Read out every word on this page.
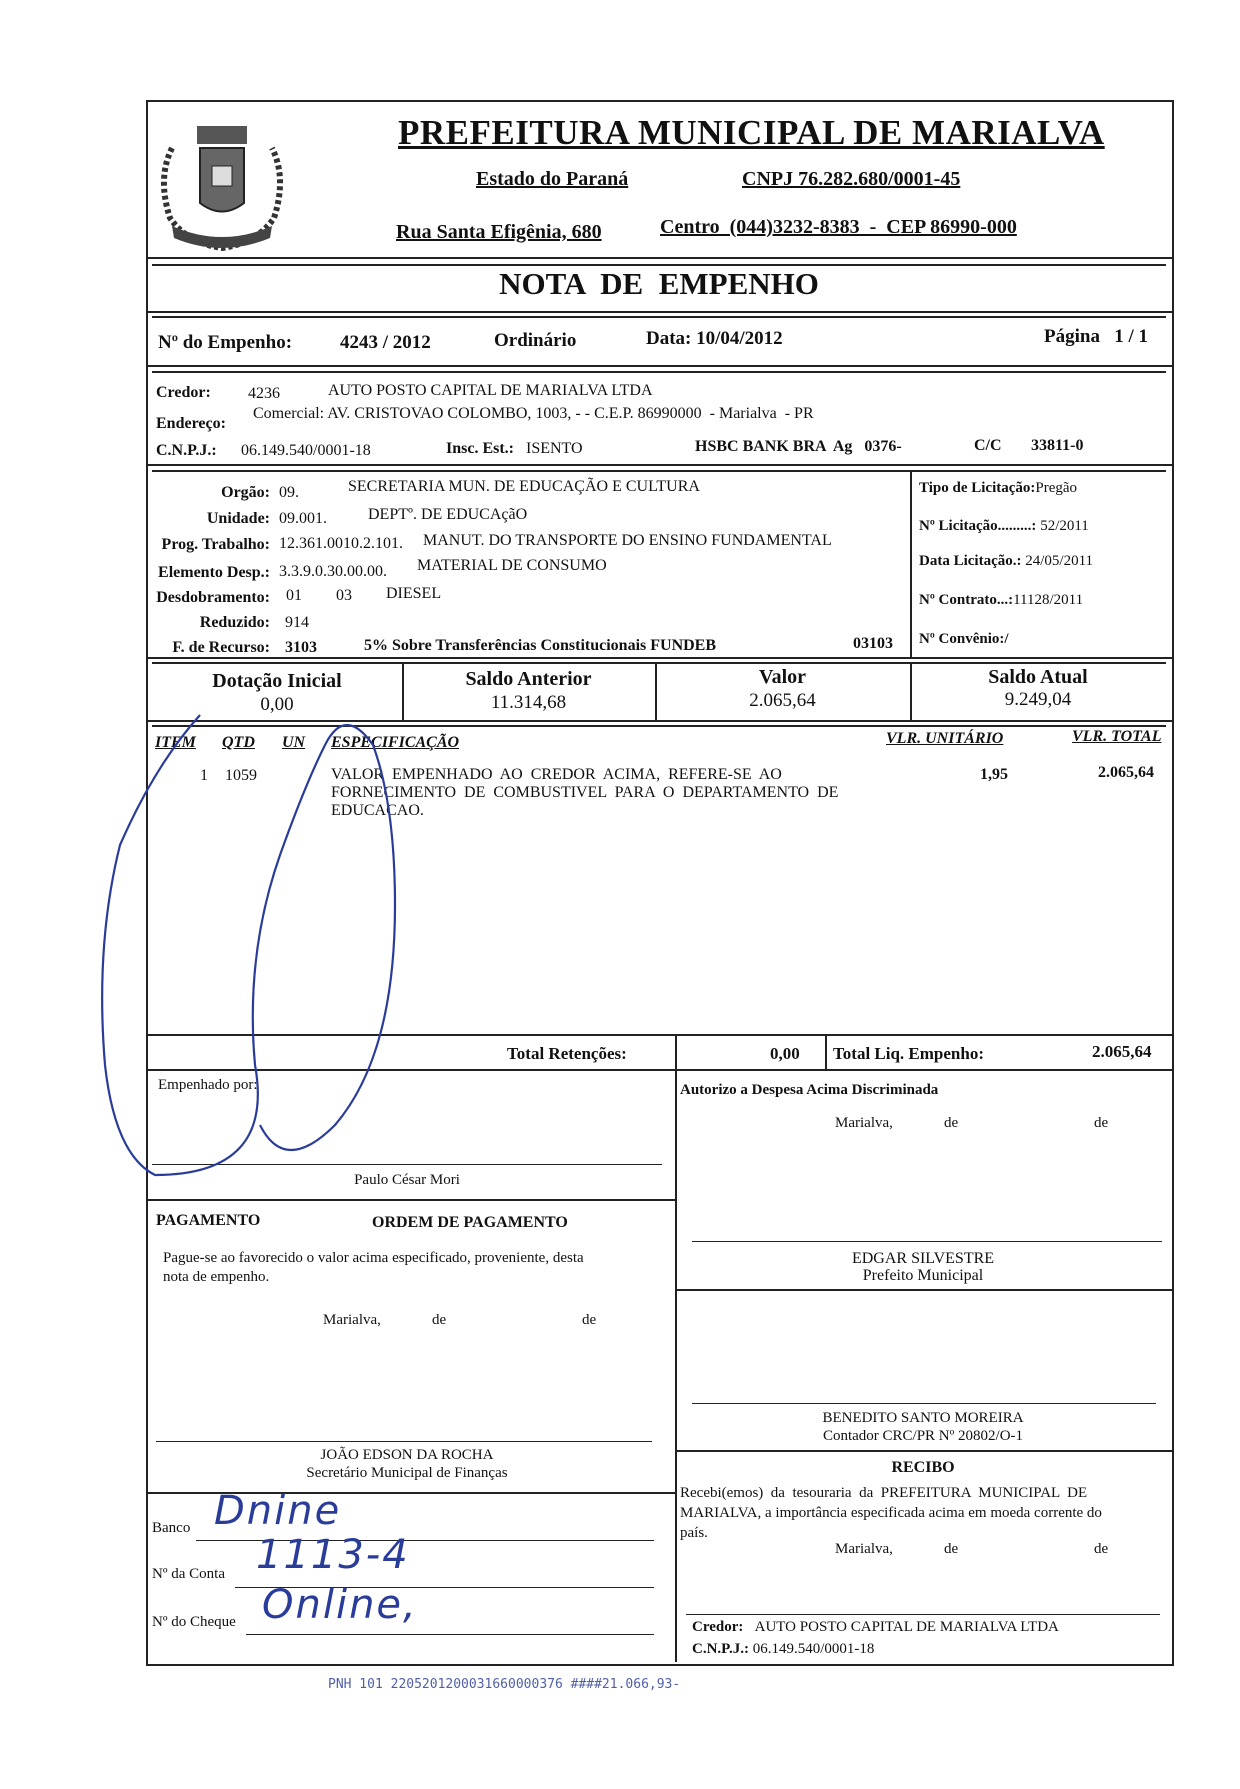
PREFEITURA MUNICIPAL DE MARIALVA
Estado do Paraná	CNPJ 76.282.680/0001-45
Rua Santa Efigênia, 680	Centro  (044)3232-8383  -  CEP 86990-000
NOTA  DE  EMPENHO
Nº do Empenho:	4243 / 2012	Ordinário	Data: 10/04/2012	Página   1 / 1
Credor: 4236	AUTO POSTO CAPITAL DE MARIALVA LTDA
Endereço:
Comercial: AV. CRISTOVAO COLOMBO, 1003, - - C.E.P. 86990000  - Marialva  - PR
C.N.P.J.: 06.149.540/0001-18	Insc. Est.: ISENTO	HSBC BANK BRA  Ag   0376-	C/C 33811-0
Orgão: 09.	SECRETARIA MUN. DE EDUCAÇÃO E CULTURA
Unidade: 09.001.	DEPTº. DE EDUCAçãO
Prog. Trabalho: 12.361.0010.2.101. MANUT. DO TRANSPORTE DO ENSINO FUNDAMENTAL
Elemento Desp.: 3.3.9.0.30.00.00. MATERIAL DE CONSUMO
Desdobramento: 01 03 DIESEL
Reduzido: 914
F. de Recurso: 3103	5% Sobre Transferências Constitucionais FUNDEB	03103
Tipo de Licitação:Pregão
Nº Licitação.........: 52/2011
Data Licitação.: 24/05/2011
Nº Contrato...:11128/2011
Nº Convênio:/
Dotação Inicial
0,00
Saldo Anterior
11.314,68
Valor
2.065,64
Saldo Atual
9.249,04
ITEM QTD UN ESPECIFICAÇÃO	VLR. UNITÁRIO	VLR. TOTAL
1 1059	VALOR  EMPENHADO  AO  CREDOR  ACIMA,  REFERE-SE  AO
FORNECIMENTO  DE  COMBUSTIVEL  PARA  O  DEPARTAMENTO  DE
EDUCACAO.
1,95	2.065,64
Total Retenções:	0,00 Total Liq. Empenho:	2.065,64
Empenhado por:
Paulo César Mori
Autorizo a Despesa Acima Discriminada
Marialva,	de	de
EDGAR SILVESTRE
Prefeito Municipal
PAGAMENTO	ORDEM DE PAGAMENTO
Pague-se ao favorecido o valor acima especificado, proveniente, desta
nota de empenho.
Marialva,	de	de
JOÃO EDSON DA ROCHA
Secretário Municipal de Finanças
BENEDITO SANTO MOREIRA
Contador CRC/PR Nº 20802/O-1
RECIBO
Recebi(emos)  da  tesouraria  da  PREFEITURA  MUNICIPAL  DE
MARIALVA, a importância especificada acima em moeda corrente do
país.
Marialva,	de	de
Credor: AUTO POSTO CAPITAL DE MARIALVA LTDA
C.N.P.J.: 06.149.540/0001-18
Banco Dnine
Nº da Conta 1113-4
Nº do Cheque Online,
PNH 101 2205201200031660000376 ####21.066,93-
